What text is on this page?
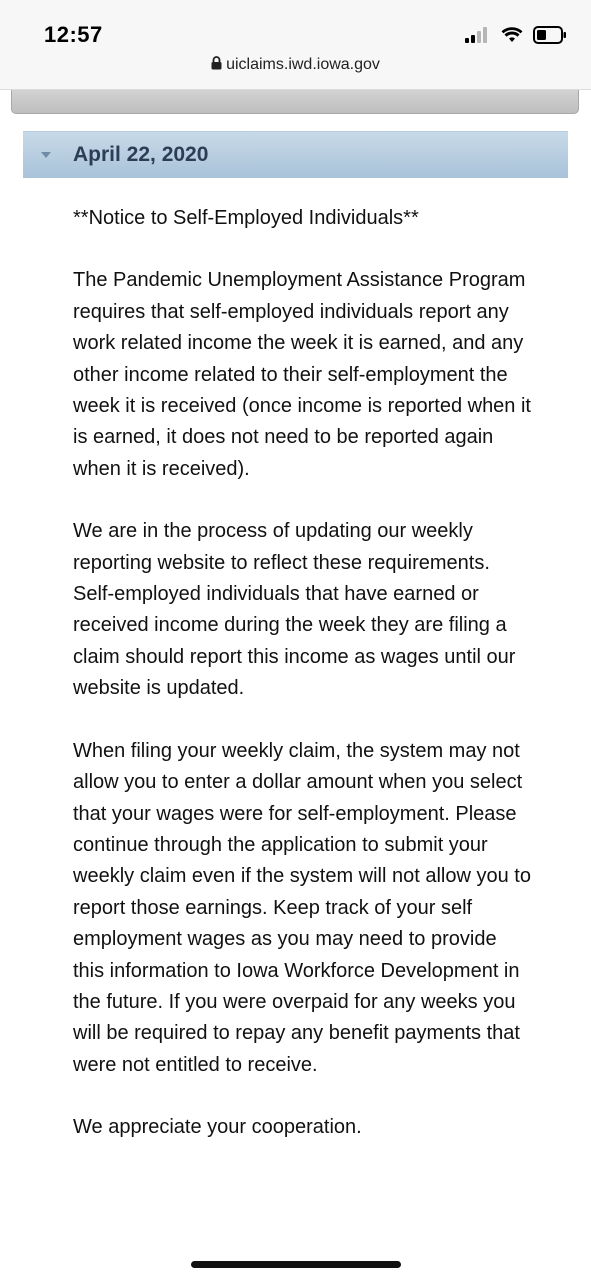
12:57
uiclaims.iwd.iowa.gov
April 22, 2020

**Notice to Self-Employed Individuals**

The Pandemic Unemployment Assistance Program requires that self-employed individuals report any work related income the week it is earned, and any other income related to their self-employment the week it is received (once income is reported when it is earned, it does not need to be reported again when it is received).

We are in the process of updating our weekly reporting website to reflect these requirements. Self-employed individuals that have earned or received income during the week they are filing a claim should report this income as wages until our website is updated.

When filing your weekly claim, the system may not allow you to enter a dollar amount when you select that your wages were for self-employment. Please continue through the application to submit your weekly claim even if the system will not allow you to report those earnings. Keep track of your self employment wages as you may need to provide this information to Iowa Workforce Development in the future. If you were overpaid for any weeks you will be required to repay any benefit payments that were not entitled to receive.

We appreciate your cooperation.
